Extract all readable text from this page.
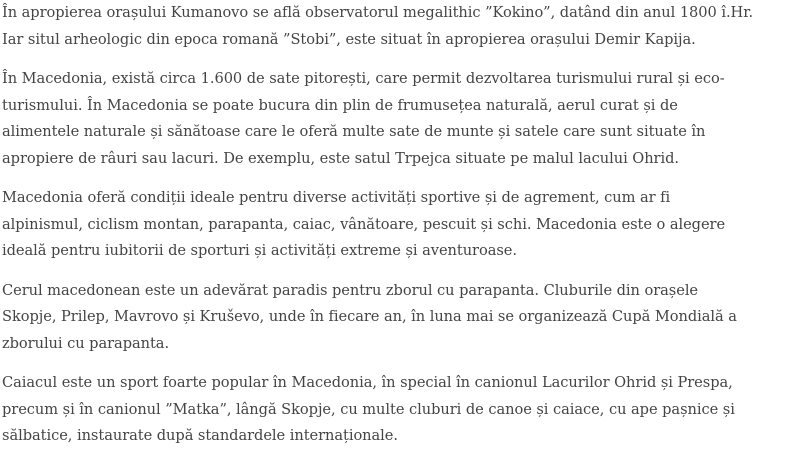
În apropierea orașului Kumanovo se află observatorul megalithic ”Kokino”, datând din anul 1800 î.Hr.
Iar situl arheologic din epoca romană ”Stobi”, este situat în apropierea orașului Demir Kapija.

În Macedonia, există circa 1.600 de sate pitorești, care permit dezvoltarea turismului rural și eco-
turismului. În Macedonia se poate bucura din plin de frumusețea naturală, aerul curat și de
alimentele naturale și sănătoase care le oferă multe sate de munte și satele care sunt situate în
apropiere de râuri sau lacuri. De exemplu, este satul Trpejca situate pe malul lacului Ohrid.

Macedonia oferă condiții ideale pentru diverse activități sportive și de agrement, cum ar fi
alpinismul, ciclism montan, parapanta, caiac, vânătoare, pescuit și schi. Macedonia este o alegere
ideală pentru iubitorii de sporturi și activități extreme și aventuroase.

Cerul macedonean este un adevărat paradis pentru zborul cu parapanta. Cluburile din orașele
Skopje, Prilep, Mavrovo și Kruševo, unde în fiecare an, în luna mai se organizează Cupă Mondială a
zborului cu parapanta.

Caiacul este un sport foarte popular în Macedonia, în special în canionul Lacurilor Ohrid și Prespa,
precum și în canionul ”Matka”, lângă Skopje, cu multe cluburi de canoe și caiace, cu ape pașnice și
sălbatice, instaurate după standardele internaționale.
